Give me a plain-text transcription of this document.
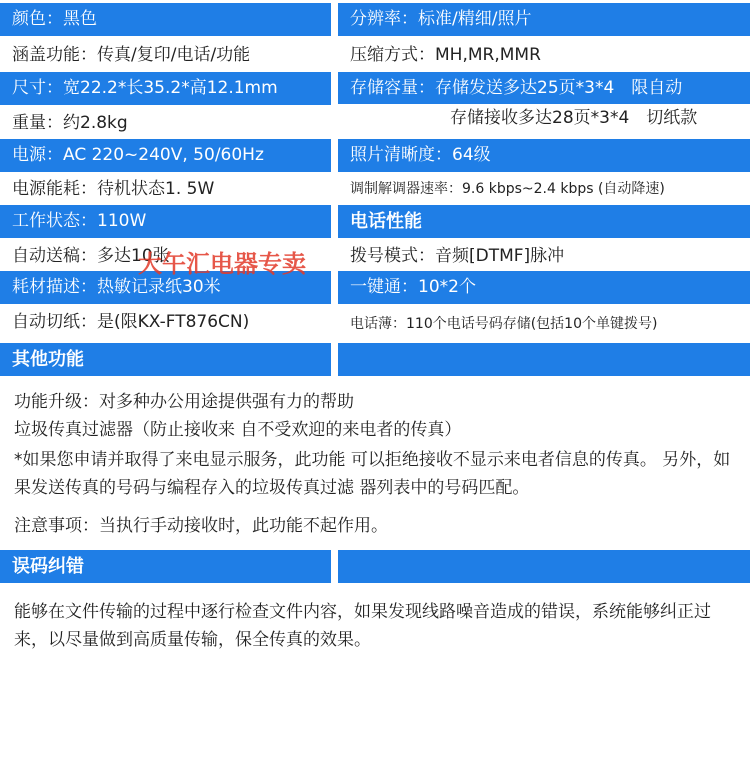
颜色：黑色	分辨率：标准/精细/照片
涵盖功能：传真/复印/电话/功能	压缩方式：MH,MR,MMR
尺寸：宽22.2*长35.2*高12.1mm	存储容量：存储发送多达25页*3*4　限自动
重量：约2.8kg	存储接收多达28页*3*4　切纸款
电源：AC 220~240V, 50/60Hz	照片清晰度：64级
电源能耗：待机状态1. 5W	调制解调器速率：9.6 kbps~2.4 kbps (自动降速)
工作状态：110W	电话性能
自动送稿：多达10张	拨号模式：音频[DTMF]脉冲
耗材描述：热敏记录纸30米	一键通：10*2个
自动切纸：是(限KX-FT876CN)	电话薄：110个电话号码存储(包括10个单键拨号)
大午汇电器专卖
其他功能
功能升级：对多种办公用途提供强有力的帮助
垃圾传真过滤器（防止接收来 自不受欢迎的来电者的传真）
*如果您申请并取得了来电显示服务，此功能 可以拒绝接收不显示来电者信息的传真。 另外，如果发送传真的号码与编程存入的垃圾传真过滤 器列表中的号码匹配。
注意事项：当执行手动接收时，此功能不起作用。
误码纠错
能够在文件传输的过程中逐行检查文件内容，如果发现线路噪音造成的错误，系统能够纠正过来，以尽量做到高质量传输，保全传真的效果。
